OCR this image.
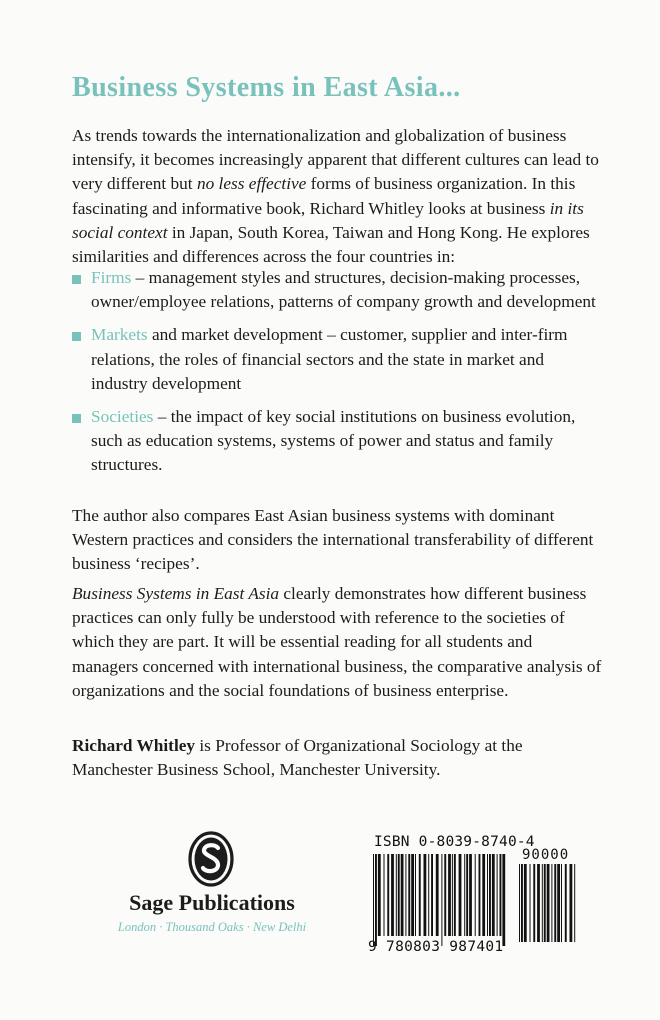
Business Systems in East Asia...

As trends towards the internationalization and globalization of business intensify, it becomes increasingly apparent that different cultures can lead to very different but no less effective forms of business organization. In this fascinating and informative book, Richard Whitley looks at business in its social context in Japan, South Korea, Taiwan and Hong Kong. He explores similarities and differences across the four countries in:

Firms – management styles and structures, decision-making processes, owner/employee relations, patterns of company growth and development
Markets and market development – customer, supplier and inter-firm relations, the roles of financial sectors and the state in market and industry development
Societies – the impact of key social institutions on business evolution, such as education systems, systems of power and status and family structures.

The author also compares East Asian business systems with dominant Western practices and considers the international transferability of different business ‘recipes’.

Business Systems in East Asia clearly demonstrates how different business practices can only fully be understood with reference to the societies of which they are part. It will be essential reading for all students and managers concerned with international business, the comparative analysis of organizations and the social foundations of business enterprise.

Richard Whitley is Professor of Organizational Sociology at the Manchester Business School, Manchester University.

Sage Publications

London · Thousand Oaks · New Delhi

ISBN 0-8039-8740-4
90000
9 780803 987401
